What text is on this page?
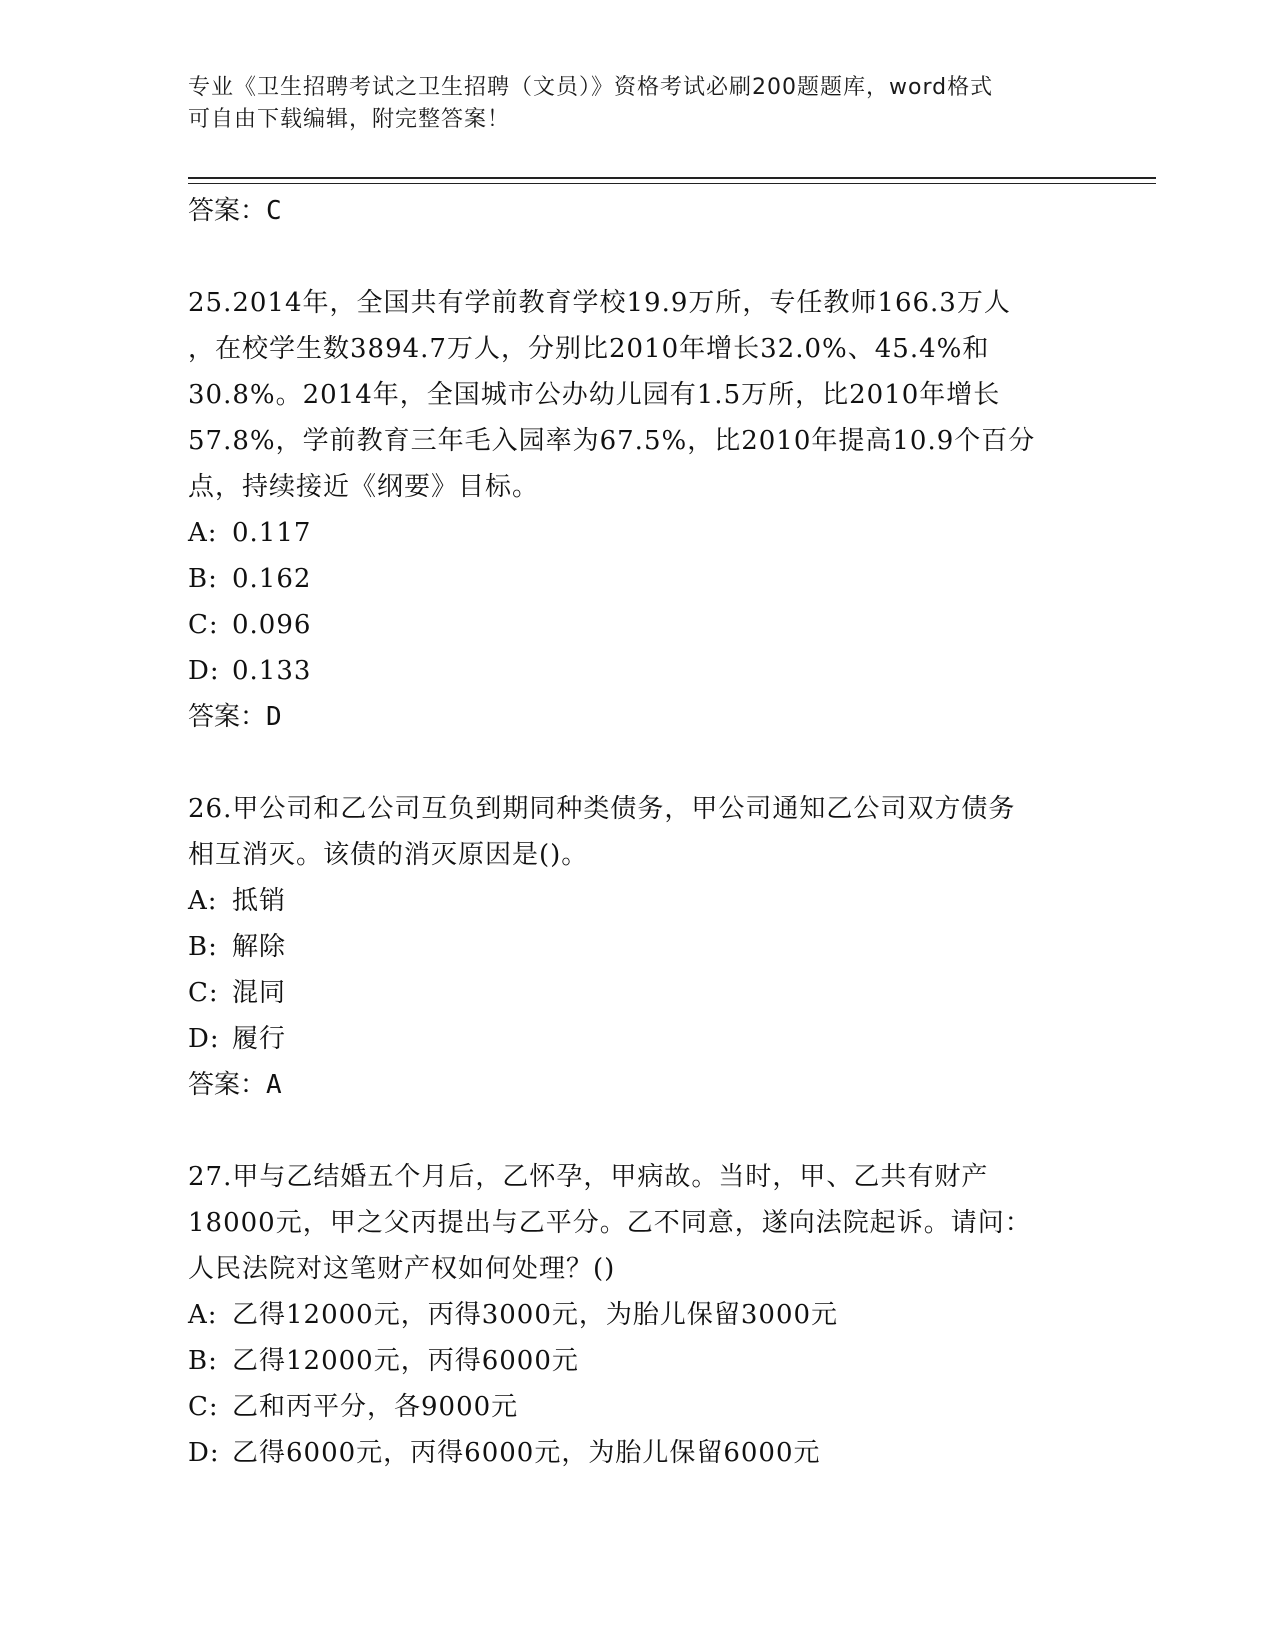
专业《卫生招聘考试之卫生招聘（文员）》资格考试必刷200题题库，word格式
可自由下载编辑，附完整答案！
答案：C
25.2014年，全国共有学前教育学校19.9万所，专任教师166.3万人
，在校学生数3894.7万人，分别比2010年增长32.0%、45.4%和
30.8%。2014年，全国城市公办幼儿园有1.5万所，比2010年增长
57.8%，学前教育三年毛入园率为67.5%，比2010年提高10.9个百分
点，持续接近《纲要》目标。
A: 0.117
B: 0.162
C: 0.096
D: 0.133
答案：D
26.甲公司和乙公司互负到期同种类债务，甲公司通知乙公司双方债务
相互消灭。该债的消灭原因是()。
A: 抵销
B: 解除
C: 混同
D: 履行
答案：A
27.甲与乙结婚五个月后，乙怀孕，甲病故。当时，甲、乙共有财产
18000元，甲之父丙提出与乙平分。乙不同意，遂向法院起诉。请问：
人民法院对这笔财产权如何处理？()
A: 乙得12000元，丙得3000元，为胎儿保留3000元
B: 乙得12000元，丙得6000元
C: 乙和丙平分，各9000元
D: 乙得6000元，丙得6000元，为胎儿保留6000元
